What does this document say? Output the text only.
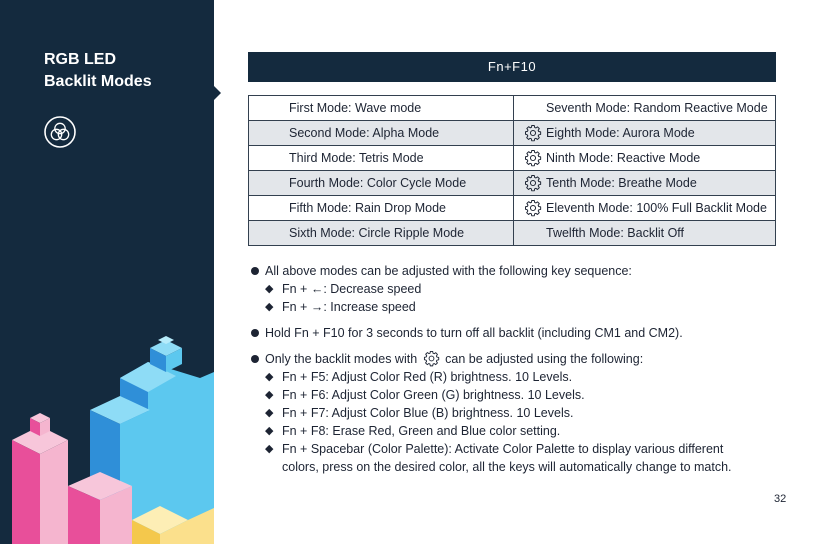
RGB LED
Backlit Modes
Fn+F10
First Mode: Wave mode	Seventh Mode: Random Reactive Mode

Second Mode: Alpha Mode	Eighth Mode: Aurora Mode

Third Mode: Tetris Mode	Ninth Mode: Reactive Mode

Fourth Mode: Color Cycle Mode	Tenth Mode: Breathe Mode

Fifth Mode: Rain Drop Mode	Eleventh Mode: 100% Full Backlit Mode

Sixth Mode: Circle Ripple Mode	Twelfth Mode: Backlit Off
All above modes can be adjusted with the following key sequence:
◆ Fn + ←: Decrease speed
◆ Fn + →: Increase speed
Hold Fn + F10 for 3 seconds to turn off all backlit (including CM1 and CM2).
Only the backlit modes with can be adjusted using the following:
◆ Fn + F5: Adjust Color Red (R) brightness. 10 Levels.
◆ Fn + F6: Adjust Color Green (G) brightness. 10 Levels.
◆ Fn + F7: Adjust Color Blue (B) brightness. 10 Levels.
◆ Fn + F8: Erase Red, Green and Blue color setting.
◆ Fn + Spacebar (Color Palette): Activate Color Palette to display various different
colors, press on the desired color, all the keys will automatically change to match.
32
